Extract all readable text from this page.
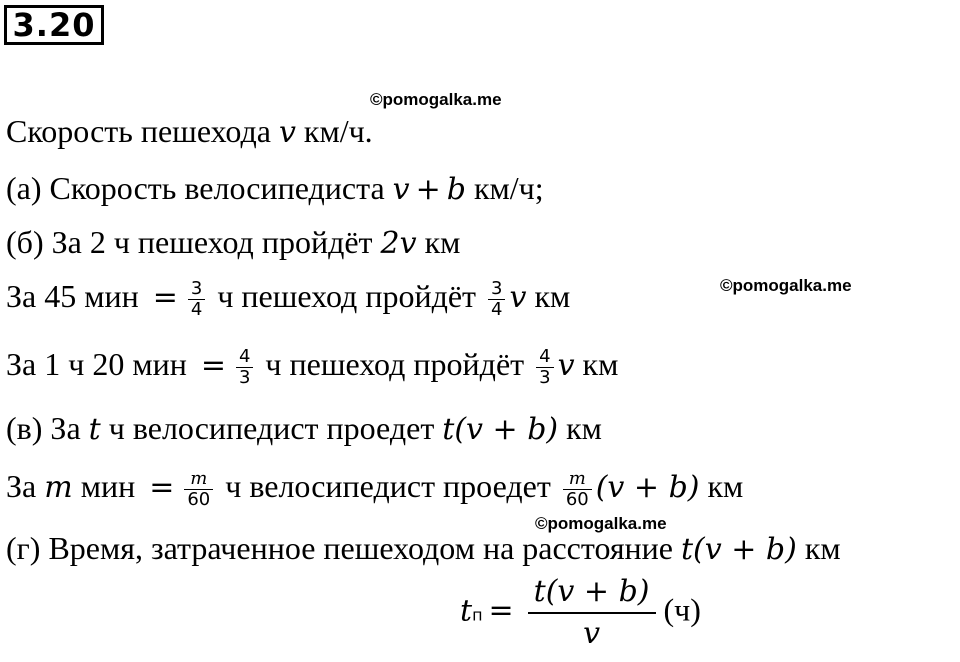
3.20
©pomogalka.me
©pomogalka.me
©pomogalka.me
Скорость пешехода v км/ч.
(а) Скорость велосипедиста v + b км/ч;
(б) За 2 ч пешеход пройдёт 2v км
За 45 мин = $\frac{3}{4}$ ч пешеход пройдёт $\frac{3}{4}$ v км
За 1 ч 20 мин = $\frac{4}{3}$ ч пешеход пройдёт $\frac{4}{3}$ v км
(в) За t ч велосипедист проедет t(v + b) км
За m мин = $\frac{m}{60}$ ч велосипедист проедет $\frac{m}{60} (v + b)$ км
(г) Время, затраченное пешеходом на расстояние t(v + b) км
tп = $\frac{t(v + b)}{v} (ч)$
